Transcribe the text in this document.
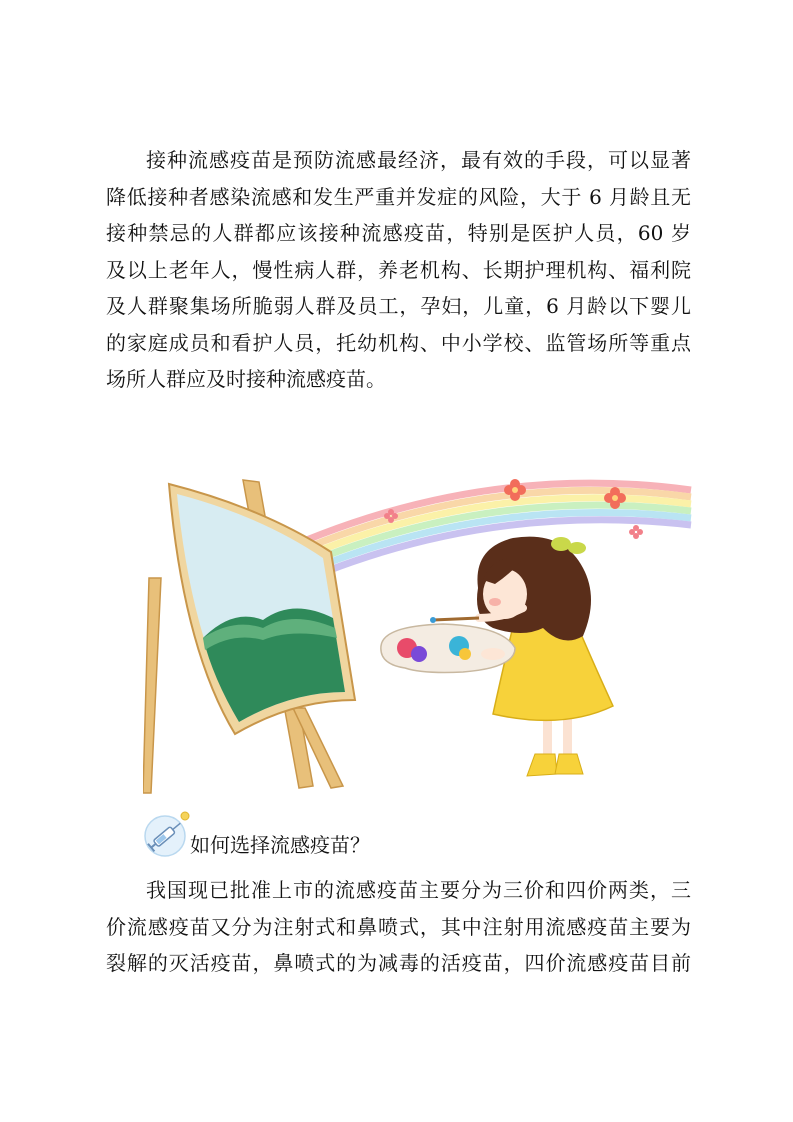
接种流感疫苗是预防流感最经济，最有效的手段，可以显著
降低接种者感染流感和发生严重并发症的风险，大于 6 月龄且无
接种禁忌的人群都应该接种流感疫苗，特别是医护人员，60 岁
及以上老年人，慢性病人群，养老机构、长期护理机构、福利院
及人群聚集场所脆弱人群及员工，孕妇，儿童，6 月龄以下婴儿
的家庭成员和看护人员，托幼机构、中小学校、监管场所等重点
场所人群应及时接种流感疫苗。
如何选择流感疫苗？
我国现已批准上市的流感疫苗主要分为三价和四价两类，三
价流感疫苗又分为注射式和鼻喷式，其中注射用流感疫苗主要为
裂解的灭活疫苗，鼻喷式的为减毒的活疫苗，四价流感疫苗目前
